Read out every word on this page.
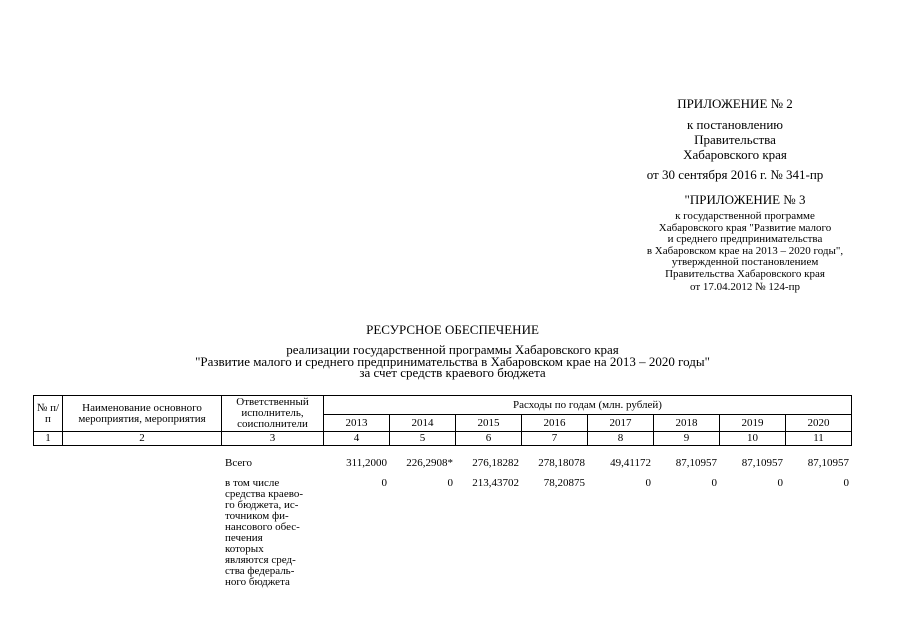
ПРИЛОЖЕНИЕ № 2
к постановлению
Правительства
Хабаровского края
от 30 сентября 2016 г. № 341-пр
"ПРИЛОЖЕНИЕ № 3
к государственной программе
Хабаровского края "Развитие малого
и среднего предпринимательства
в Хабаровском крае на 2013 – 2020 годы",
утвержденной постановлением
Правительства Хабаровского края
от 17.04.2012 № 124-пр
РЕСУРСНОЕ ОБЕСПЕЧЕНИЕ
реализации государственной программы Хабаровского края
"Развитие малого и среднего предпринимательства в Хабаровском крае на 2013 – 2020 годы"
за счет средств краевого бюджета
№ п/п	Наименование основного мероприятия, мероприятия	Ответственный исполнитель, соисполнители	Расходы по годам (млн. рублей)							
			2013	2014	2015	2016	2017	2018	2019	2020
1	2	3	4	5	6	7	8	9	10	11
		Всего	311,2000	226,2908*	276,18282	278,18078	49,41172	87,10957	87,10957	87,10957
		в том числе средства краево-го бюджета, ис-точником фи-нансового обес-печения которых являются сред-ства федераль-ного бюджета	0	0	213,43702	78,20875	0	0	0	0
